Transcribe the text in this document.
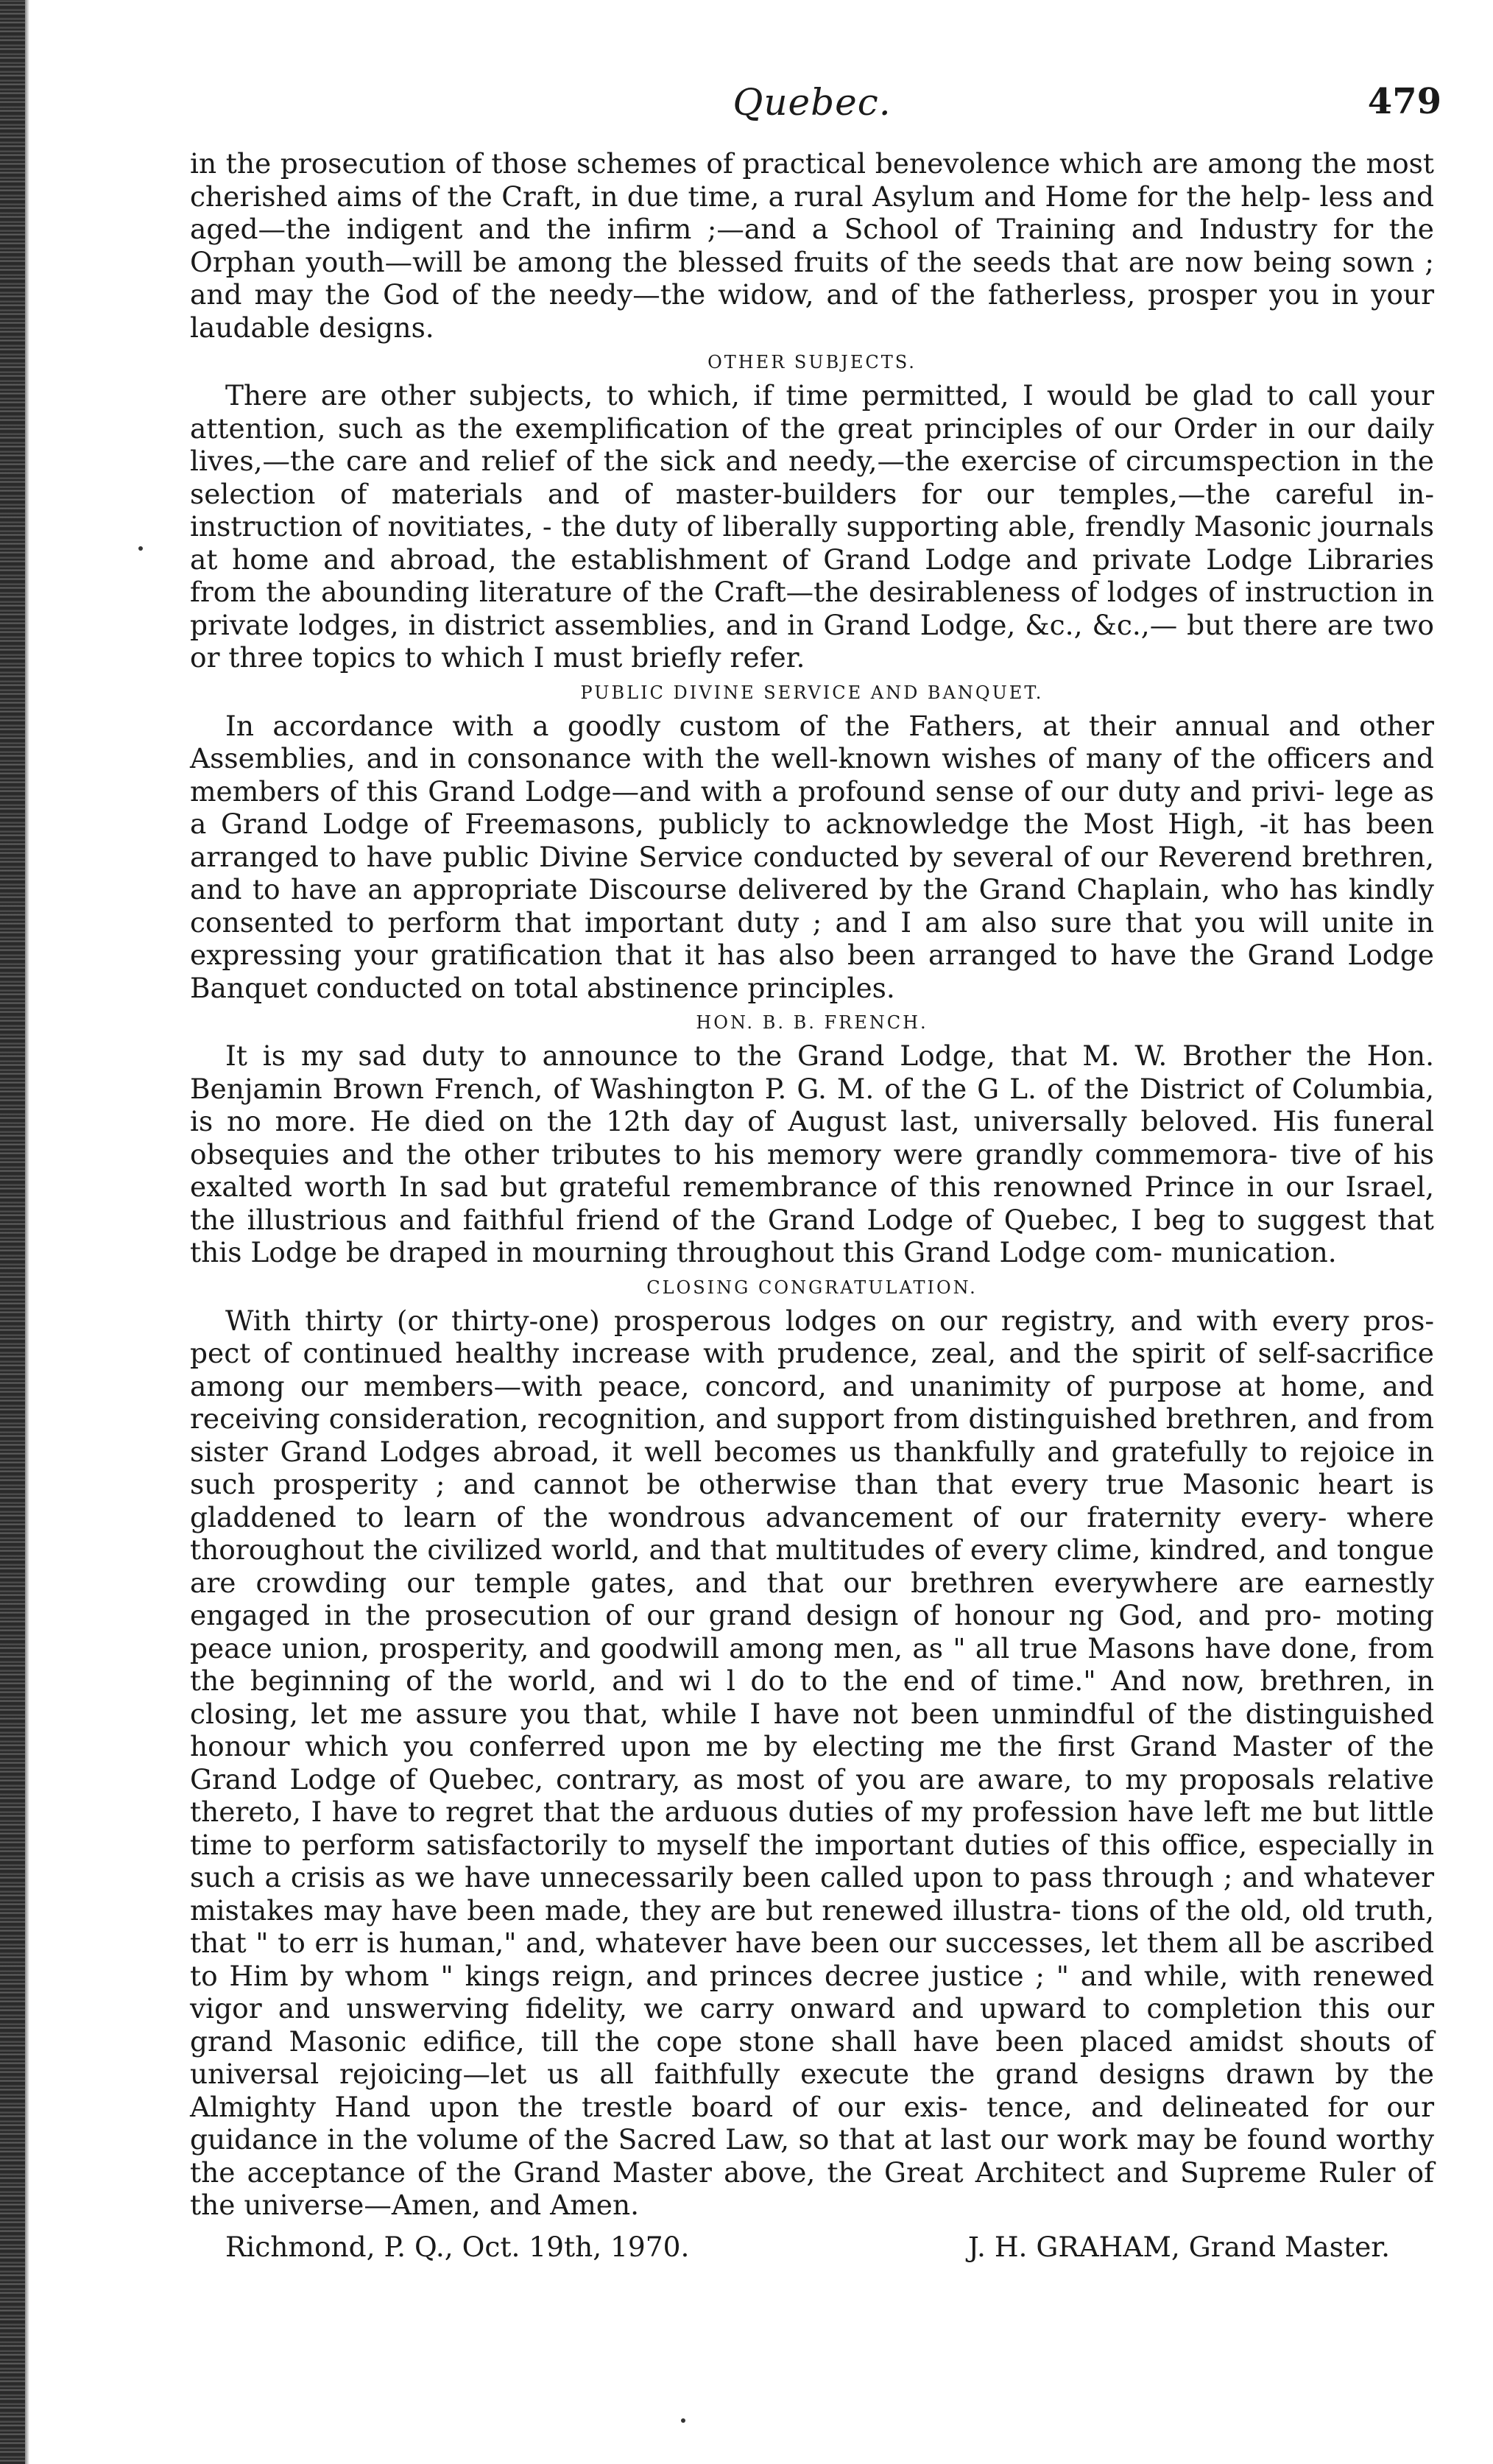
Quebec.	479

in the prosecution of those schemes of practical benevolence which are among the most cherished aims of the Craft, in due time, a rural Asylum and Home for the help- less and aged—the indigent and the infirm ;—and a School of Training and Industry for the Orphan youth—will be among the blessed fruits of the seeds that are now being sown ; and may the God of the needy—the widow, and of the fatherless, prosper you in your laudable designs.

OTHER SUBJECTS.

There are other subjects, to which, if time permitted, I would be glad to call your attention, such as the exemplification of the great principles of our Order in our daily lives,—the care and relief of the sick and needy,—the exercise of circumspection in the selection of materials and of master-builders for our temples,—the careful in- instruction of novitiates, - the duty of liberally supporting able, frendly Masonic journals at home and abroad, the establishment of Grand Lodge and private Lodge Libraries from the abounding literature of the Craft—the desirableness of lodges of instruction in private lodges, in district assemblies, and in Grand Lodge, &c., &c.,— but there are two or three topics to which I must briefly refer.

PUBLIC DIVINE SERVICE AND BANQUET.

In accordance with a goodly custom of the Fathers, at their annual and other Assemblies, and in consonance with the well-known wishes of many of the officers and members of this Grand Lodge—and with a profound sense of our duty and privi- lege as a Grand Lodge of Freemasons, publicly to acknowledge the Most High, -it has been arranged to have public Divine Service conducted by several of our Reverend brethren, and to have an appropriate Discourse delivered by the Grand Chaplain, who has kindly consented to perform that important duty ; and I am also sure that you will unite in expressing your gratification that it has also been arranged to have the Grand Lodge Banquet conducted on total abstinence principles.

HON. B. B. FRENCH.

It is my sad duty to announce to the Grand Lodge, that M. W. Brother the Hon. Benjamin Brown French, of Washington P. G. M. of the G L. of the District of Columbia, is no more. He died on the 12th day of August last, universally beloved. His funeral obsequies and the other tributes to his memory were grandly commemora- tive of his exalted worth In sad but grateful remembrance of this renowned Prince in our Israel, the illustrious and faithful friend of the Grand Lodge of Quebec, I beg to suggest that this Lodge be draped in mourning throughout this Grand Lodge com- munication.

CLOSING CONGRATULATION.

With thirty (or thirty-one) prosperous lodges on our registry, and with every pros- pect of continued healthy increase with prudence, zeal, and the spirit of self-sacrifice among our members—with peace, concord, and unanimity of purpose at home, and receiving consideration, recognition, and support from distinguished brethren, and from sister Grand Lodges abroad, it well becomes us thankfully and gratefully to rejoice in such prosperity ; and cannot be otherwise than that every true Masonic heart is gladdened to learn of the wondrous advancement of our fraternity every- where thoroughout the civilized world, and that multitudes of every clime, kindred, and tongue are crowding our temple gates, and that our brethren everywhere are earnestly engaged in the prosecution of our grand design of honour ng God, and pro- moting peace union, prosperity, and goodwill among men, as " all true Masons have done, from the beginning of the world, and wi l do to the end of time." And now, brethren, in closing, let me assure you that, while I have not been unmindful of the distinguished honour which you conferred upon me by electing me the first Grand Master of the Grand Lodge of Quebec, contrary, as most of you are aware, to my proposals relative thereto, I have to regret that the arduous duties of my profession have left me but little time to perform satisfactorily to myself the important duties of this office, especially in such a crisis as we have unnecessarily been called upon to pass through ; and whatever mistakes may have been made, they are but renewed illustra- tions of the old, old truth, that " to err is human," and, whatever have been our successes, let them all be ascribed to Him by whom " kings reign, and princes decree justice ; " and while, with renewed vigor and unswerving fidelity, we carry onward and upward to completion this our grand Masonic edifice, till the cope stone shall have been placed amidst shouts of universal rejoicing—let us all faithfully execute the grand designs drawn by the Almighty Hand upon the trestle board of our exis- tence, and delineated for our guidance in the volume of the Sacred Law, so that at last our work may be found worthy the acceptance of the Grand Master above, the Great Architect and Supreme Ruler of the universe—Amen, and Amen.

Richmond, P. Q., Oct. 19th, 1970.	J. H. GRAHAM, Grand Master.
